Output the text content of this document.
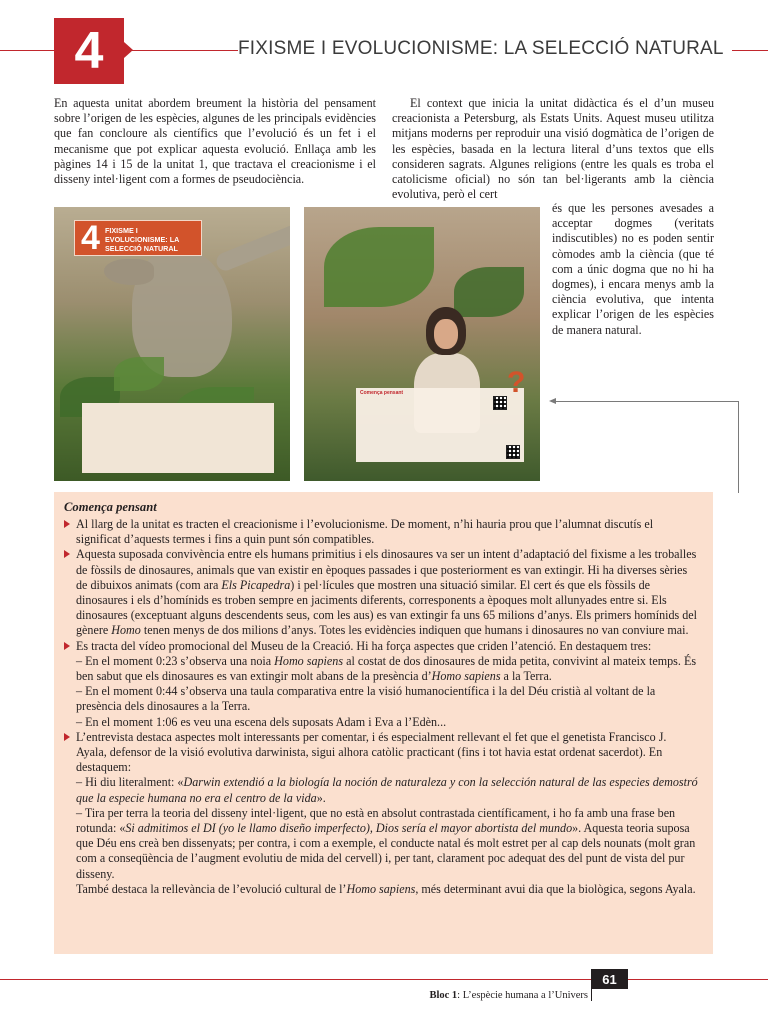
4	FIXISME I EVOLUCIONISME: LA SELECCIÓ NATURAL

En aquesta unitat abordem breument la història del pensament sobre l’origen de les espècies, algunes de les principals evidències que fan concloure als científics que l’evolució és un fet i el mecanisme que pot explicar aquesta evolució. Enllaça amb les pàgines 14 i 15 de la unitat 1, que tractava el creacionisme i el disseny intel·ligent com a formes de pseudociència.

El context que inicia la unitat didàctica és el d’un museu creacionista a Petersburg, als Estats Units. Aquest museu utilitza mitjans moderns per reproduir una visió dogmàtica de l’origen de les espècies, basada en la lectura literal d’uns textos que ells consideren sagrats. Algunes religions (entre les quals es troba el catolicisme oficial) no són tan bel·ligerants amb la ciència evolutiva, però el cert

és que les persones avesades a acceptar dogmes (veritats indiscutibles) no es poden sentir còmodes amb la ciència (que té com a únic dogma que no hi ha dogmes), i encara menys amb la ciència evolutiva, que intenta explicar l’origen de les espècies de manera natural.

4 FIXISME I EVOLUCIONISME: LA SELECCIÓ NATURAL
Comença pensant	?
Comença pensant
Al llarg de la unitat es tracten el creacionisme i l’evolucionisme. De moment, n’hi hauria prou que l’alumnat discutís el significat d’aquests termes i fins a quin punt són compatibles.
Aquesta suposada convivència entre els humans primitius i els dinosaures va ser un intent d’adaptació del fixisme a les troballes de fòssils de dinosaures, animals que van existir en èpoques passades i que posteriorment es van extingir. Hi ha diverses sèries de dibuixos animats (com ara Els Picapedra) i pel·lícules que mostren una situació similar. El cert és que els fòssils de dinosaures i els d’homínids es troben sempre en jaciments diferents, corresponents a èpoques molt allunyades entre si. Els dinosaures (exceptuant alguns descendents seus, com les aus) es van extingir fa uns 65 milions d’anys. Els primers homínids del gènere Homo tenen menys de dos milions d’anys. Totes les evidències indiquen que humans i dinosaures no van conviure mai.
Es tracta del vídeo promocional del Museu de la Creació. Hi ha força aspectes que criden l’atenció. En destaquem tres:
– En el moment 0:23 s’observa una noia Homo sapiens al costat de dos dinosaures de mida petita, convivint al mateix temps. És ben sabut que els dinosaures es van extingir molt abans de la presència d’Homo sapiens a la Terra.
– En el moment 0:44 s’observa una taula comparativa entre la visió humanocientífica i la del Déu cristià al voltant de la presència dels dinosaures a la Terra.
– En el moment 1:06 es veu una escena dels suposats Adam i Eva a l’Edèn...
L’entrevista destaca aspectes molt interessants per comentar, i és especialment rellevant el fet que el genetista Francisco J. Ayala, defensor de la visió evolutiva darwinista, sigui alhora catòlic practicant (fins i tot havia estat ordenat sacerdot). En destaquem:
– Hi diu literalment: «Darwin extendió a la biología la noción de naturaleza y con la selección natural de las especies demostró que la especie humana no era el centro de la vida».
– Tira per terra la teoria del disseny intel·ligent, que no està en absolut contrastada científicament, i ho fa amb una frase ben rotunda: «Si admitimos el DI (yo le llamo diseño imperfecto), Dios sería el mayor abortista del mundo». Aquesta teoria suposa que Déu ens creà ben dissenyats; per contra, i com a exemple, el conducte natal és molt estret per al cap dels nounats (molt gran com a conseqüència de l’augment evolutiu de mida del cervell) i, per tant, clarament poc adequat des del punt de vista del pur disseny.
També destaca la rellevància de l’evolució cultural de l’Homo sapiens, més determinant avui dia que la biològica, segons Ayala.
61
Bloc 1: L’espècie humana a l’Univers
